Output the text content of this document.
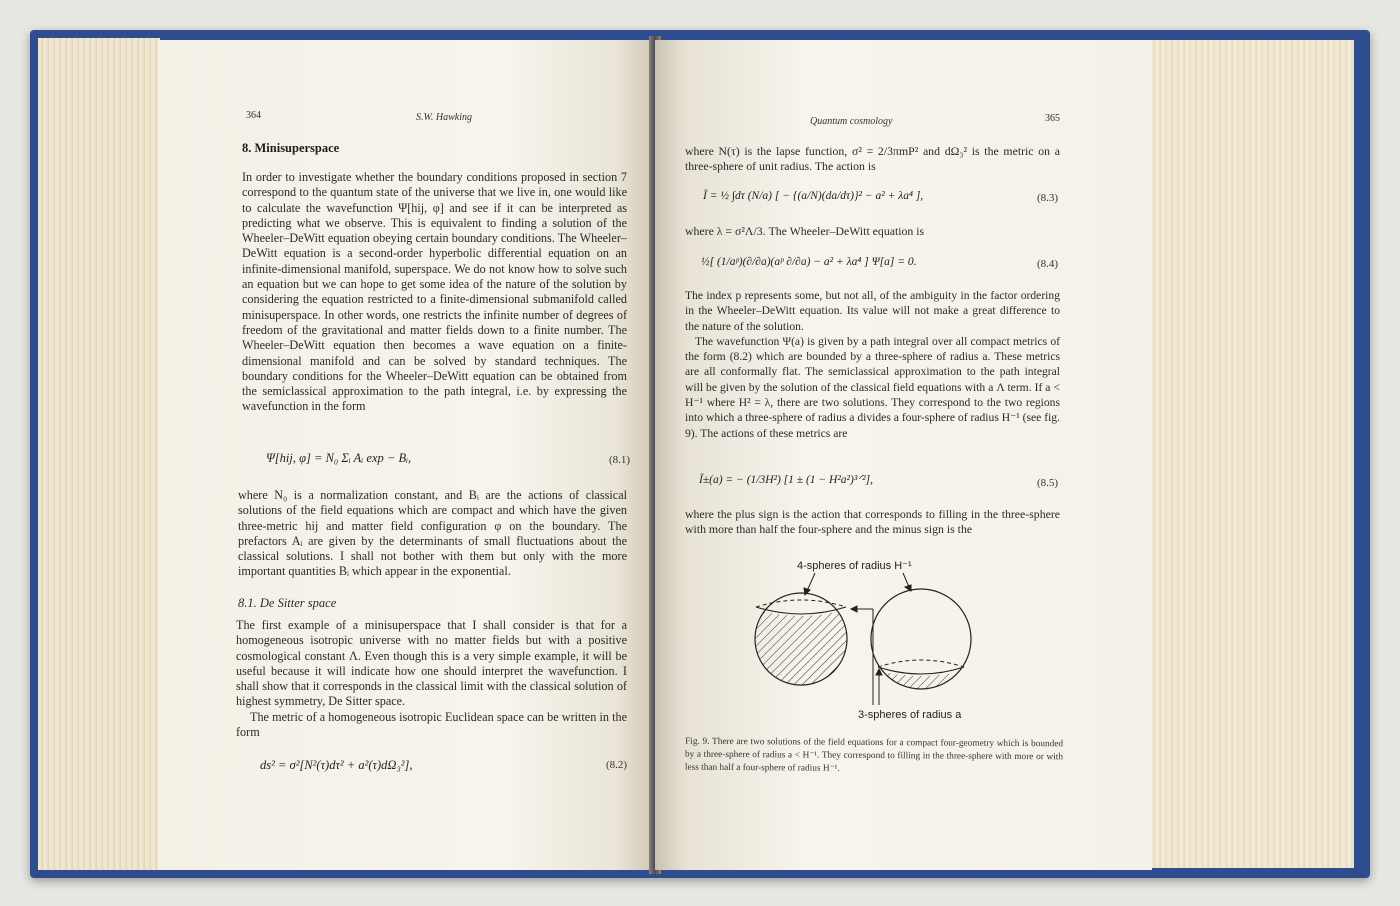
364	S.W. Hawking
8. Minisuperspace

In order to investigate whether the boundary conditions proposed in section 7 correspond to the quantum state of the universe that we live in, one would like to calculate the wavefunction Ψ[hij, φ] and see if it can be interpreted as predicting what we observe. This is equivalent to finding a solution of the Wheeler–DeWitt equation obeying certain boundary conditions. The Wheeler–DeWitt equation is a second-order hyperbolic differential equation on an infinite-dimensional manifold, superspace. We do not know how to solve such an equation but we can hope to get some idea of the nature of the solution by considering the equation restricted to a finite-dimensional submanifold called minisuperspace. In other words, one restricts the infinite number of degrees of freedom of the gravitational and matter fields down to a finite number. The Wheeler–DeWitt equation then becomes a wave equation on a finite-dimensional manifold and can be solved by standard techniques. The boundary conditions for the Wheeler–DeWitt equation can be obtained from the semiclassical approximation to the path integral, i.e. by expressing the wavefunction in the form

Ψ[hij, φ] = N₀ Σᵢ Aᵢ exp − Bᵢ,	(8.1)

where N₀ is a normalization constant, and Bᵢ are the actions of classical solutions of the field equations which are compact and which have the given three-metric hij and matter field configuration φ on the boundary. The prefactors Aᵢ are given by the determinants of small fluctuations about the classical solutions. I shall not bother with them but only with the more important quantities Bᵢ which appear in the exponential.

8.1. De Sitter space

The first example of a minisuperspace that I shall consider is that for a homogeneous isotropic universe with no matter fields but with a positive cosmological constant Λ. Even though this is a very simple example, it will be useful because it will indicate how one should interpret the wavefunction. I shall show that it corresponds in the classical limit with the classical solution of highest symmetry, De Sitter space.

The metric of a homogeneous isotropic Euclidean space can be written in the form

ds² = σ²[N²(τ)dτ² + a²(τ)dΩ₃²],	(8.2)
Quantum cosmology	365

where N(τ) is the lapse function, σ² = 2/3πmP² and dΩ₃² is the metric on a three-sphere of unit radius. The action is

Ĩ = ½ ∫dτ (N/a) [ − {(a/N)(da/dτ)}² − a² + λa⁴ ],	(8.3)

where λ = σ²Λ/3. The Wheeler–DeWitt equation is

½[ (1/aᵖ)(∂/∂a)(aᵖ ∂/∂a) − a² + λa⁴ ] Ψ[a] = 0.	(8.4)

The index p represents some, but not all, of the ambiguity in the factor ordering in the Wheeler–DeWitt equation. Its value will not make a great difference to the nature of the solution.

The wavefunction Ψ(a) is given by a path integral over all compact metrics of the form (8.2) which are bounded by a three-sphere of radius a. These metrics are all conformally flat. The semiclassical approximation to the path integral will be given by the solution of the classical field equations with a Λ term. If a < H⁻¹ where H² = λ, there are two solutions. They correspond to the two regions into which a three-sphere of radius a divides a four-sphere of radius H⁻¹ (see fig. 9). The actions of these metrics are

Ĩ±(a) = − (1/3H²) [1 ± (1 − H²a²)³ᐟ²],	(8.5)

where the plus sign is the action that corresponds to filling in the three-sphere with more than half the four-sphere and the minus sign is the

4-spheres of radius H⁻¹
3-spheres of radius a
Fig. 9. There are two solutions of the field equations for a compact four-geometry which is bounded by a three-sphere of radius a < H⁻¹. They correspond to filling in the three-sphere with more or with less than half a four-sphere of radius H⁻¹.
